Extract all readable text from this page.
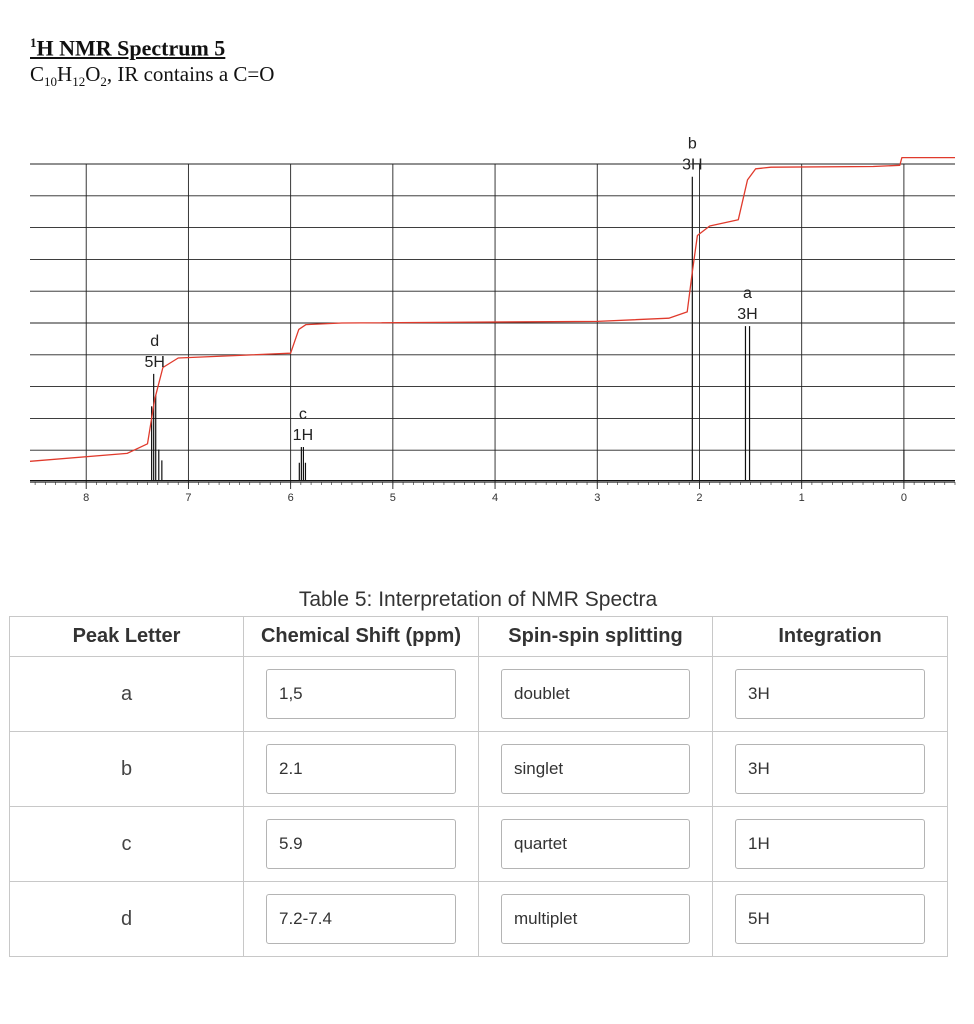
$^1$H NMR Spectrum 5
$C_{10}H_{12}O_2$, IR contains a C=O
8	7	6	5	4	3	2	1	0
a
3H
b
3H
c
1H
d
5H
Table 5: Interpretation of NMR Spectra
Peak Letter	Chemical Shift (ppm)	Spin-spin splitting	Integration
a	1,5	doublet	3H

b	2.1	singlet	3H

c	5.9	quartet	1H

d	7.2-7.4	multiplet	5H
